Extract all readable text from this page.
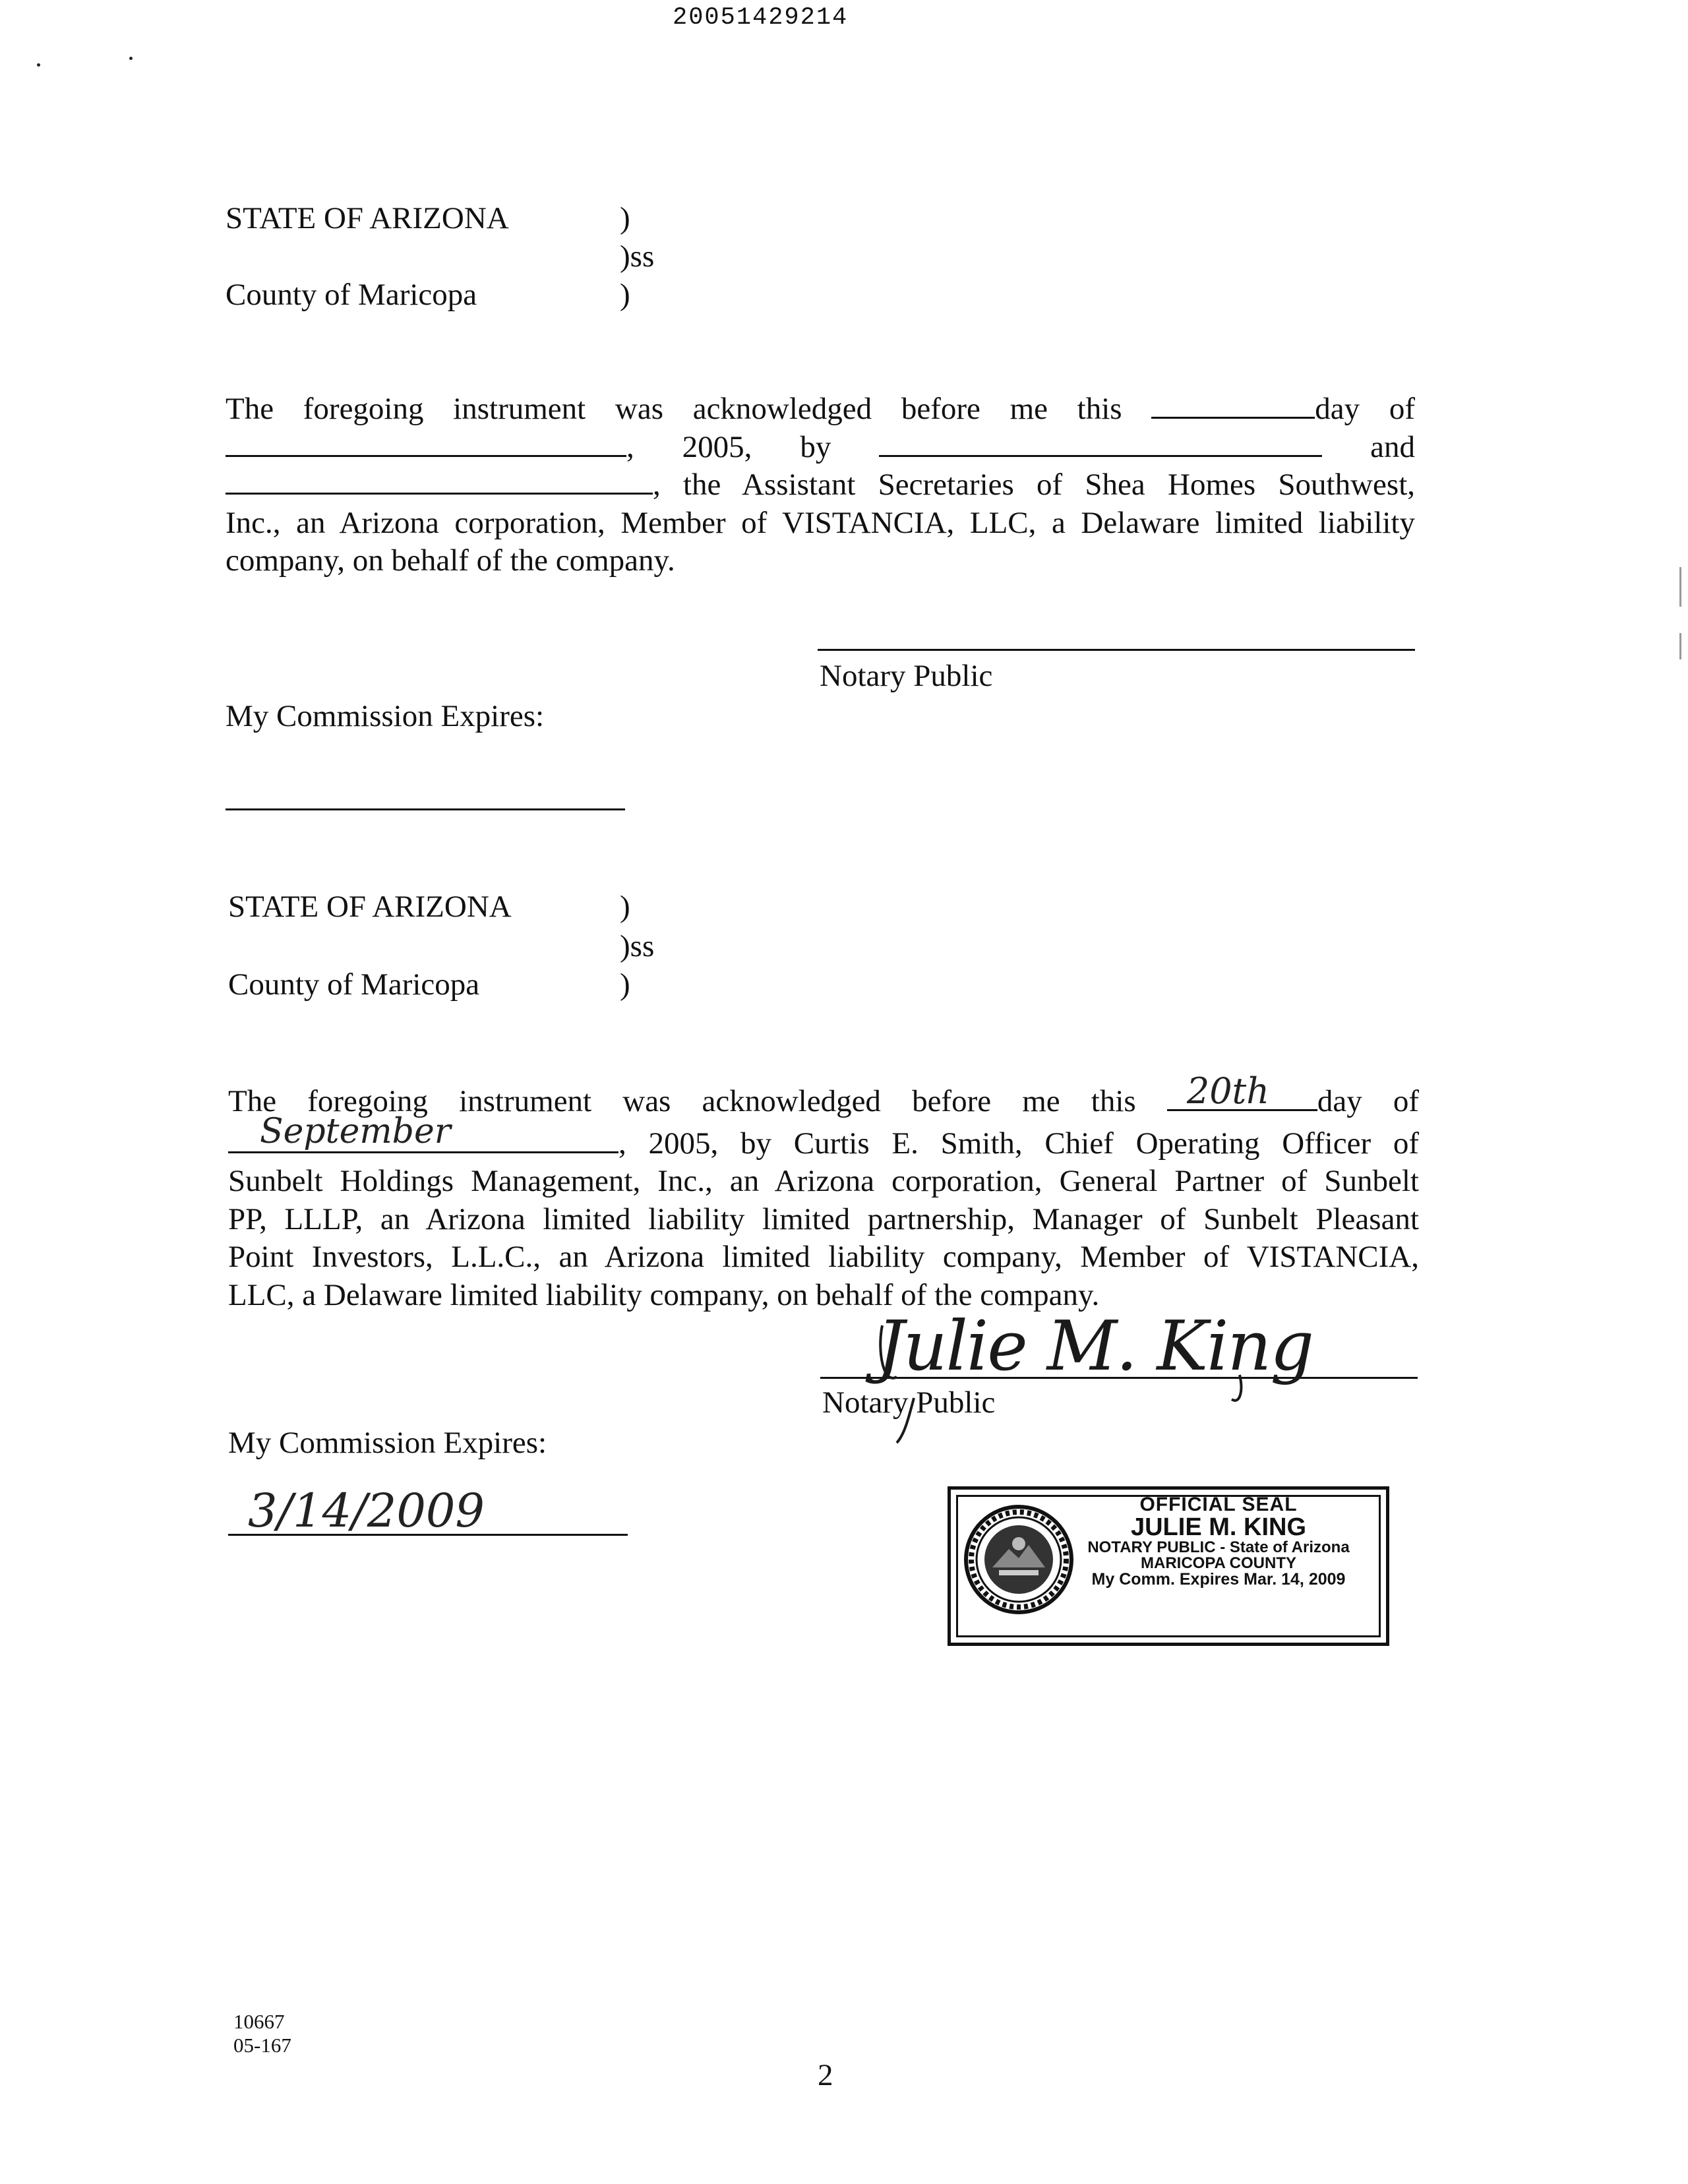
20051429214
STATE OF ARIZONA	)
)ss
County of Maricopa	)
The foregoing instrument was acknowledged before me this	day of
, 2005, by	and
, the Assistant Secretaries of Shea Homes Southwest,
Inc., an Arizona corporation, Member of VISTANCIA, LLC, a Delaware limited liability
company, on behalf of the company.
Notary Public
My Commission Expires:
STATE OF ARIZONA	)
)ss
County of Maricopa	)
The foregoing instrument was acknowledged before me this 20th day of
September	, 2005, by Curtis E. Smith, Chief Operating Officer of
Sunbelt Holdings Management, Inc., an Arizona corporation, General Partner of Sunbelt
PP, LLLP, an Arizona limited liability limited partnership, Manager of Sunbelt Pleasant
Point Investors, L.L.C., an Arizona limited liability company, Member of VISTANCIA,
LLC, a Delaware limited liability company, on behalf of the company.
Julie M. King
Notary Public
My Commission Expires:
3/14/2009	OFFICIAL SEAL
JULIE M. KING
NOTARY PUBLIC - State of Arizona
MARICOPA COUNTY
My Comm. Expires Mar. 14, 2009
10667
05-167
2
